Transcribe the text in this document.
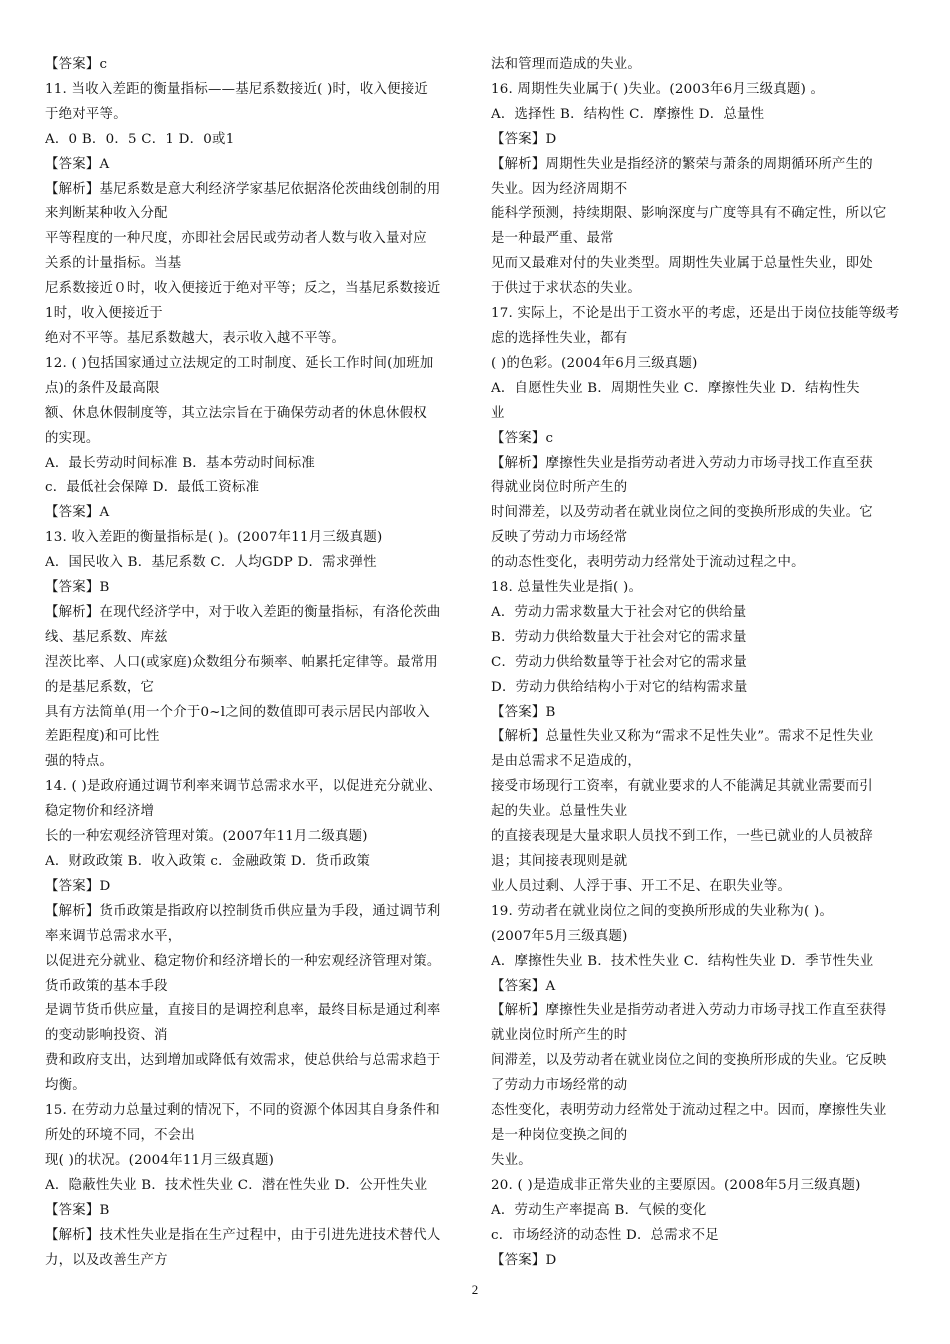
【答案】c
11. 当收入差距的衡量指标——基尼系数接近( )时，收入便接近
于绝对平等。
A．0 B．0．5 C．1 D．0或1
【答案】A
【解析】基尼系数是意大利经济学家基尼依据洛伦茨曲线创制的用
来判断某种收入分配
平等程度的一种尺度，亦即社会居民或劳动者人数与收入量对应
关系的计量指标。当基
尼系数接近０时，收入便接近于绝对平等；反之，当基尼系数接近
1时，收入便接近于
绝对不平等。基尼系数越大，表示收入越不平等。
12. ( )包括国家通过立法规定的工时制度、延长工作时间(加班加
点)的条件及最高限
额、休息休假制度等，其立法宗旨在于确保劳动者的休息休假权
的实现。
A．最长劳动时间标准 B．基本劳动时间标准
c．最低社会保障 D．最低工资标准
【答案】A
13. 收入差距的衡量指标是( )。(2007年11月三级真题)
A．国民收入 B．基尼系数 C．人均GDP D．需求弹性
【答案】B
【解析】在现代经济学中，对于收入差距的衡量指标，有洛伦茨曲
线、基尼系数、库兹
涅茨比率、人口(或家庭)众数组分布频率、帕累托定律等。最常用
的是基尼系数，它
具有方法简单(用一个介于0~l之间的数值即可表示居民内部收入
差距程度)和可比性
强的特点。
14. ( )是政府通过调节利率来调节总需求水平，以促进充分就业、
稳定物价和经济增
长的一种宏观经济管理对策。(2007年11月二级真题)
A．财政政策 B．收入政策 c．金融政策 D．货币政策
【答案】D
【解析】货币政策是指政府以控制货币供应量为手段，通过调节利
率来调节总需求水平，
以促进充分就业、稳定物价和经济增长的一种宏观经济管理对策。
货币政策的基本手段
是调节货币供应量，直接目的是调控利息率，最终目标是通过利率
的变动影响投资、消
费和政府支出，达到增加或降低有效需求，使总供给与总需求趋于
均衡。
15. 在劳动力总量过剩的情况下，不同的资源个体因其自身条件和
所处的环境不同，不会出
现( )的状况。(2004年11月三级真题)
A．隐蔽性失业 B．技术性失业 C．潜在性失业 D．公开性失业
【答案】B
【解析】技术性失业是指在生产过程中，由于引进先进技术替代人
力，以及改善生产方
法和管理而造成的失业。
16. 周期性失业属于( )失业。(2003年6月三级真题) 。
A．选择性 B．结构性 C．摩擦性 D．总量性
【答案】D
【解析】周期性失业是指经济的繁荣与萧条的周期循环所产生的
失业。因为经济周期不
能科学预测，持续期限、影响深度与广度等具有不确定性，所以它
是一种最严重、最常
见而又最难对付的失业类型。周期性失业属于总量性失业，即处
于供过于求状态的失业。
17. 实际上，不论是出于工资水平的考虑，还是出于岗位技能等级考
虑的选择性失业，都有
( )的色彩。(2004年6月三级真题)
A．自愿性失业 B．周期性失业 C．摩擦性失业 D．结构性失
业
【答案】c
【解析】摩擦性失业是指劳动者进入劳动力市场寻找工作直至获
得就业岗位时所产生的
时间滞差，以及劳动者在就业岗位之间的变换所形成的失业。它
反映了劳动力市场经常
的动态性变化，表明劳动力经常处于流动过程之中。
18. 总量性失业是指( )。
A．劳动力需求数量大于社会对它的供给量
B．劳动力供给数量大于社会对它的需求量
C．劳动力供给数量等于社会对它的需求量
D．劳动力供给结构小于对它的结构需求量
【答案】B
【解析】总量性失业又称为“需求不足性失业”。需求不足性失业
是由总需求不足造成的，
接受市场现行工资率，有就业要求的人不能满足其就业需要而引
起的失业。总量性失业
的直接表现是大量求职人员找不到工作，一些已就业的人员被辞
退；其间接表现则是就
业人员过剩、人浮于事、开工不足、在职失业等。
19. 劳动者在就业岗位之间的变换所形成的失业称为( )。
(2007年5月三级真题)
A．摩擦性失业 B．技术性失业 C．结构性失业 D．季节性失业
【答案】A
【解析】摩擦性失业是指劳动者进入劳动力市场寻找工作直至获得
就业岗位时所产生的时
间滞差，以及劳动者在就业岗位之间的变换所形成的失业。它反映
了劳动力市场经常的动
态性变化，表明劳动力经常处于流动过程之中。因而，摩擦性失业
是一种岗位变换之间的
失业。
20. ( )是造成非正常失业的主要原因。(2008年5月三级真题)
A．劳动生产率提高 B．气候的变化
c．市场经济的动态性 D．总需求不足
【答案】D
2
